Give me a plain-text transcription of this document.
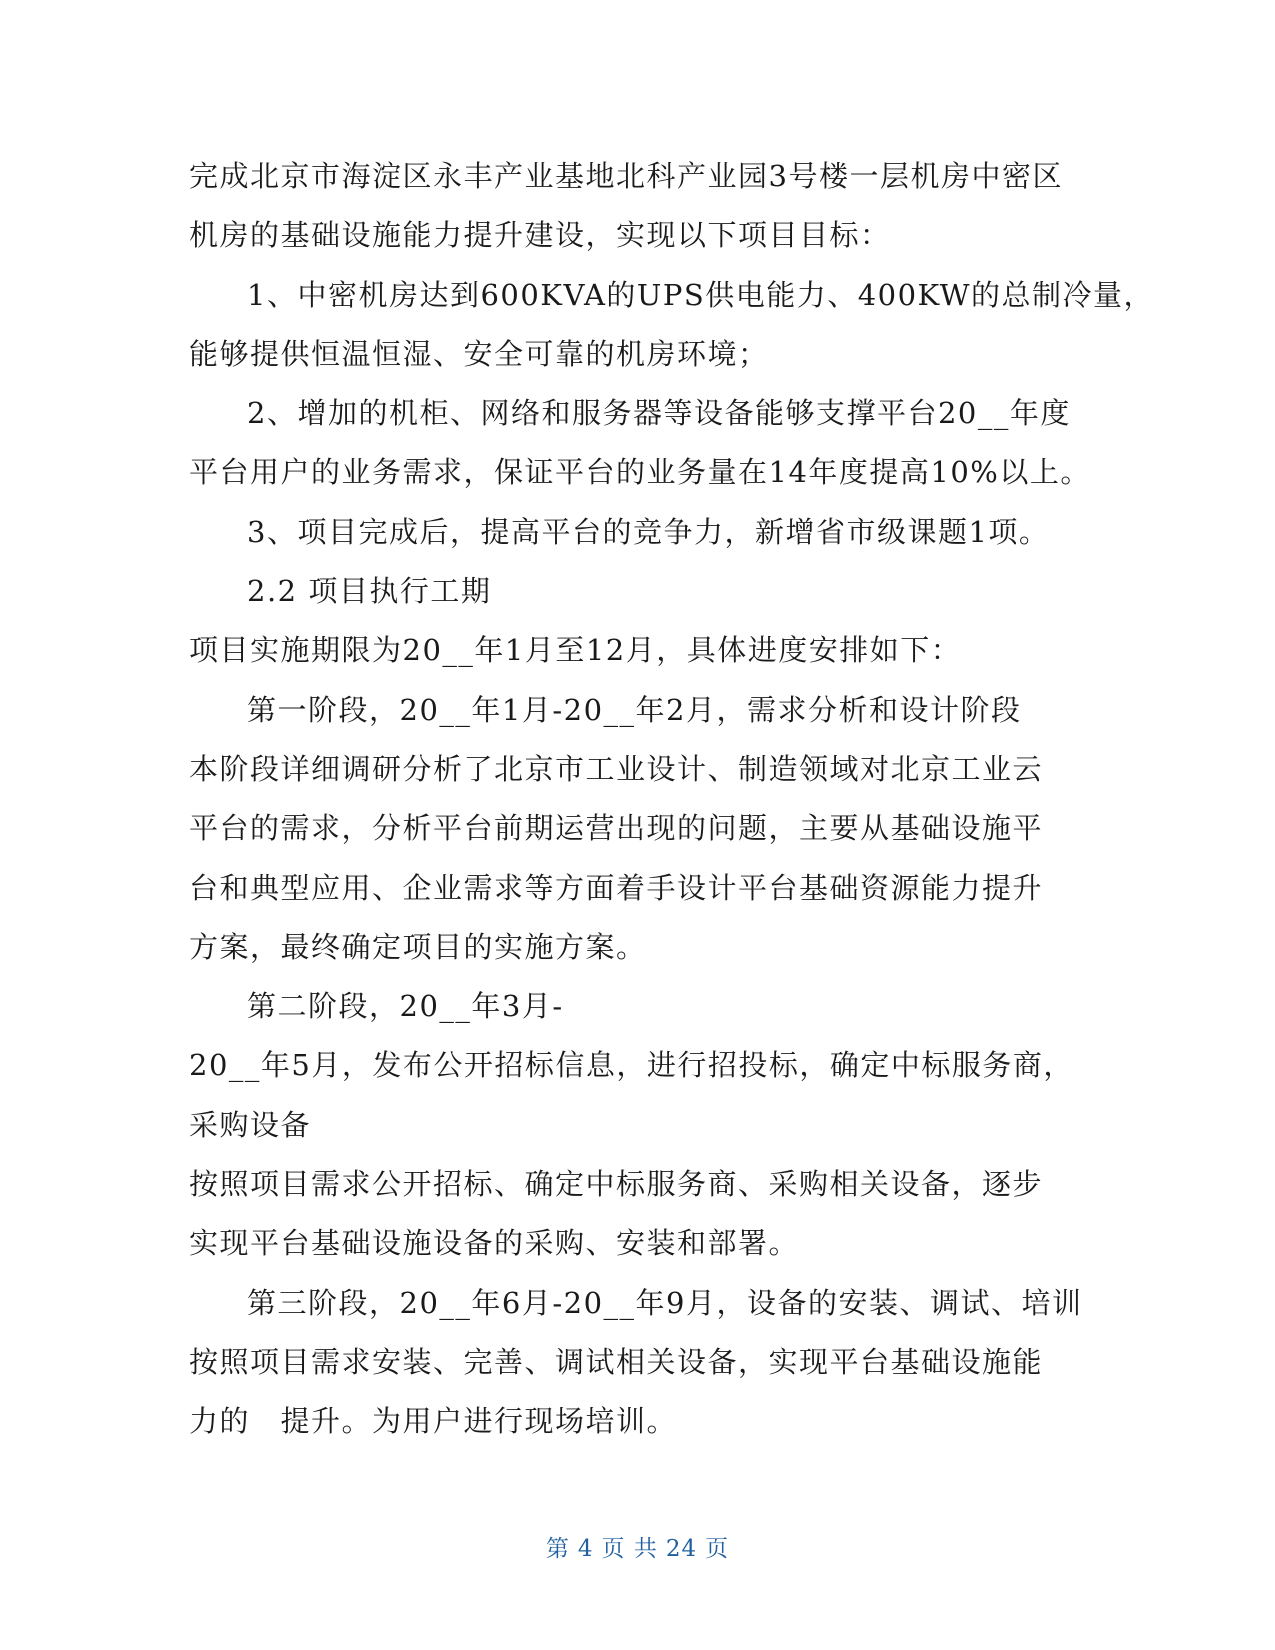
完成北京市海淀区永丰产业基地北科产业园3号楼一层机房中密区
机房的基础设施能力提升建设，实现以下项目目标：
1、中密机房达到600KVA的UPS供电能力、400KW的总制冷量，
能够提供恒温恒湿、安全可靠的机房环境；
2、增加的机柜、网络和服务器等设备能够支撑平台20__年度
平台用户的业务需求，保证平台的业务量在14年度提高10%以上。
3、项目完成后，提高平台的竞争力，新增省市级课题1项。
2.2 项目执行工期
项目实施期限为20__年1月至12月，具体进度安排如下：
第一阶段，20__年1月-20__年2月，需求分析和设计阶段
本阶段详细调研分析了北京市工业设计、制造领域对北京工业云
平台的需求，分析平台前期运营出现的问题，主要从基础设施平
台和典型应用、企业需求等方面着手设计平台基础资源能力提升
方案，最终确定项目的实施方案。
第二阶段，20__年3月-
20__年5月，发布公开招标信息，进行招投标，确定中标服务商，
采购设备
按照项目需求公开招标、确定中标服务商、采购相关设备，逐步
实现平台基础设施设备的采购、安装和部署。
第三阶段，20__年6月-20__年9月，设备的安装、调试、培训
按照项目需求安装、完善、调试相关设备，实现平台基础设施能
力的　提升。为用户进行现场培训。
第 4 页 共 24 页
